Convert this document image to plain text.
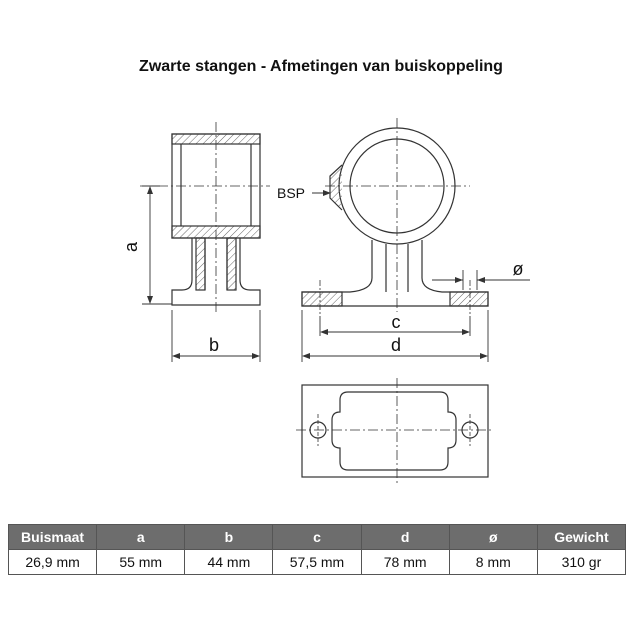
Zwarte stangen - Afmetingen van buiskoppeling
a
b
BSP
ø
c
d
Buismaat	a	b	c	d	ø	Gewicht
26,9 mm	55 mm	44 mm	57,5 mm	78 mm	8 mm	310 gr
